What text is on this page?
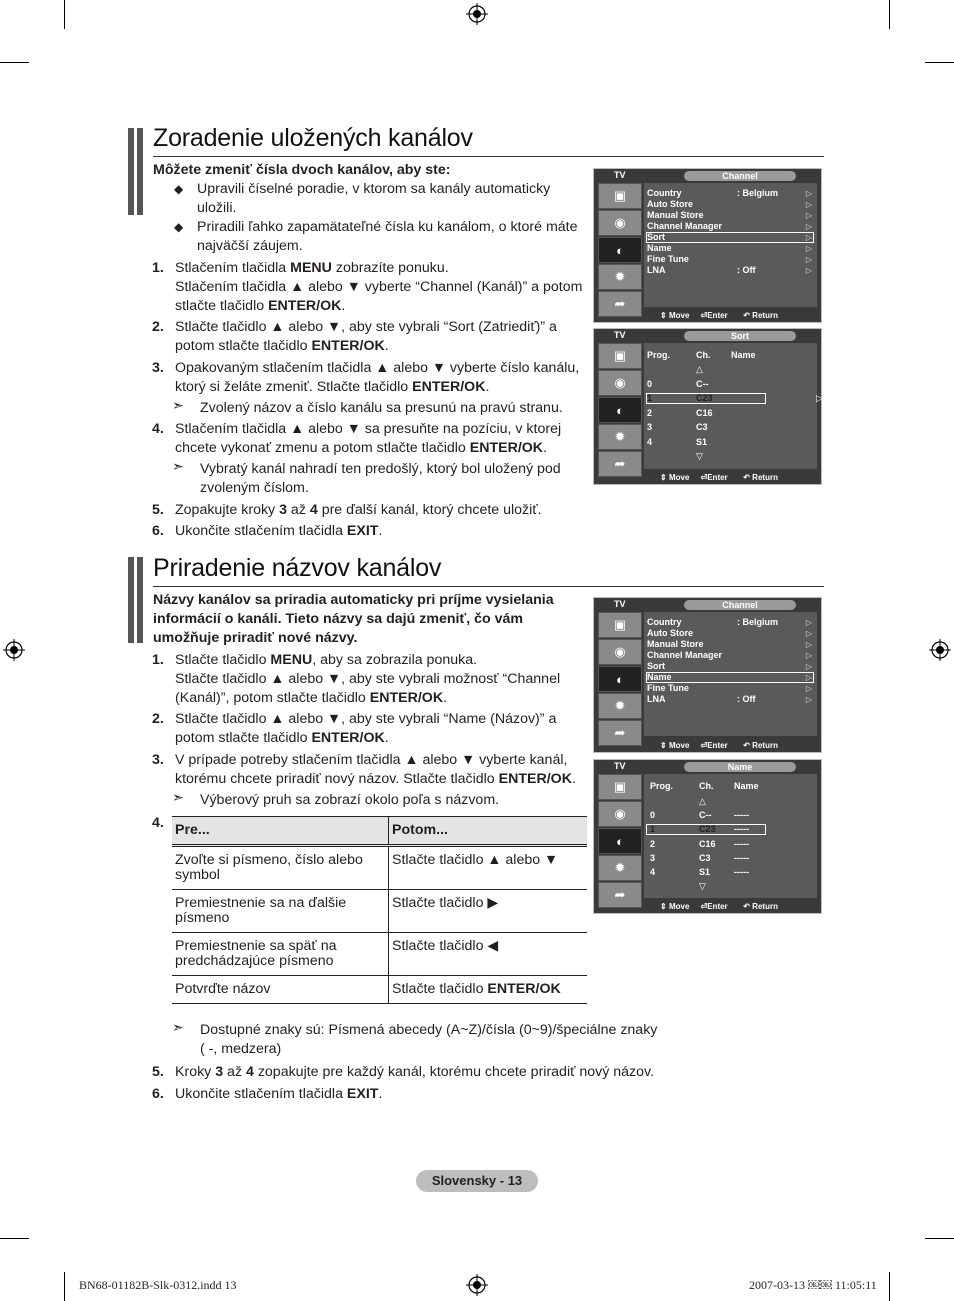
Zoradenie uložených kanálov
Môžete zmeniť čísla dvoch kanálov, aby ste:
◆ Upravili číselné poradie, v ktorom sa kanály automaticky
uložili.
◆ Priradili ľahko zapamätateľné čísla ku kanálom, o ktoré máte
najväčší záujem.
1. Stlačením tlačidla MENU zobrazíte ponuku.
Stlačením tlačidla ▲ alebo ▼ vyberte “Channel (Kanál)” a potom
stlačte tlačidlo ENTER/OK.
2. Stlačte tlačidlo ▲ alebo ▼, aby ste vybrali “Sort (Zatriediť)” a
potom stlačte tlačidlo ENTER/OK.
3. Opakovaným stlačením tlačidla ▲ alebo ▼ vyberte číslo kanálu,
ktorý si želáte zmeniť. Stlačte tlačidlo ENTER/OK.
➣ Zvolený názov a číslo kanálu sa presunú na pravú stranu.
4. Stlačením tlačidla ▲ alebo ▼ sa presuňte na pozíciu, v ktorej
chcete vykonať zmenu a potom stlačte tlačidlo ENTER/OK.
➣ Vybratý kanál nahradí ten predošlý, ktorý bol uložený pod
zvoleným číslom.
5. Zopakujte kroky 3 až 4 pre ďalší kanál, ktorý chcete uložiť.
6. Ukončite stlačením tlačidla EXIT.
TV	Channel
▣
◉
◐
✹
➦
Country	: Belgium	▷
Auto Store	▷
Manual Store	▷
Channel Manager	▷
Sort	▷
Name	▷
Fine Tune	▷
LNA	: Off	▷
⇕ Move ⏎Enter ↶ Return
TV	Sort
▣
◉
◐
✹
➦
Prog.	Ch. Name
△
0	C--
▷
1	C23
2	C16
3	C3
4	S1
▽
⇕ Move ⏎Enter ↶ Return
Priradenie názvov kanálov
Názvy kanálov sa priradia automaticky pri príjme vysielania
informácií o kanáli. Tieto názvy sa dajú zmeniť, čo vám
umožňuje priradiť nové názvy.
1. Stlačte tlačidlo MENU, aby sa zobrazila ponuka.
Stlačte tlačidlo ▲ alebo ▼, aby ste vybrali možnosť “Channel
(Kanál)”, potom stlačte tlačidlo ENTER/OK.
2. Stlačte tlačidlo ▲ alebo ▼, aby ste vybrali “Name (Názov)” a
potom stlačte tlačidlo ENTER/OK.
3. V prípade potreby stlačením tlačidla ▲ alebo ▼ vyberte kanál,
ktorému chcete priradiť nový názov. Stlačte tlačidlo ENTER/OK.
➣ Výberový pruh sa zobrazí okolo poľa s názvom.
4. Pre...	Potom...
Zvoľte si písmeno, číslo alebo symbol	Stlačte tlačidlo ▲ alebo ▼
Premiestnenie sa na ďalšie písmeno	Stlačte tlačidlo ▶
Premiestnenie sa späť na predchádzajúce písmeno	Stlačte tlačidlo ◀
Potvrďte názov	Stlačte tlačidlo ENTER/OK
➣ Dostupné znaky sú: Písmená abecedy (A~Z)/čísla (0~9)/špeciálne znaky
( -, medzera)
5. Kroky 3 až 4 zopakujte pre každý kanál, ktorému chcete priradiť nový názov.
6. Ukončite stlačením tlačidla EXIT.
TV	Channel
▣
◉
◐
✹
➦
Country	: Belgium	▷
Auto Store	▷
Manual Store	▷
Channel Manager	▷
Sort	▷
Name	▷
Fine Tune	▷
LNA	: Off	▷
⇕ Move ⏎Enter ↶ Return
TV	Name
▣
◉
◐
✹
➦
Prog.	Ch. Name
△
0	C--	-----
1	C23 -----
2	C16 -----
3	C3	-----
4	S1	-----
▽
⇕ Move ⏎Enter ↶ Return
Slovensky - 13
BN68-01182B-Slk-0312.indd 13	2007-03-13 ￼￼ 11:05:11
